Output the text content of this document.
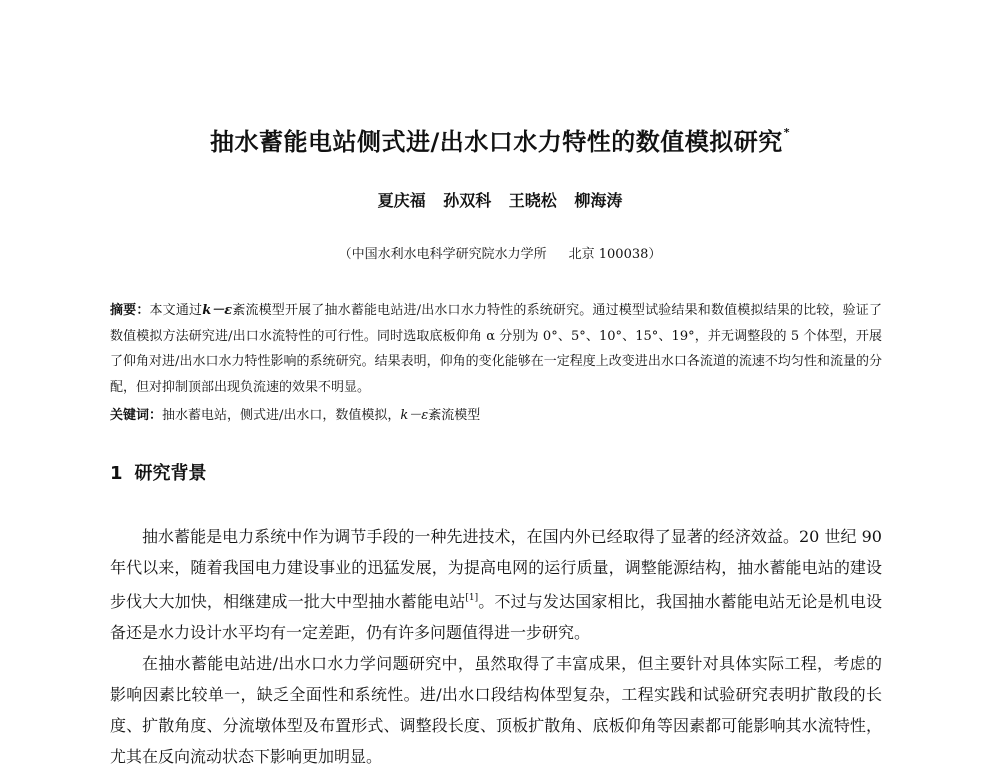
抽水蓄能电站侧式进/出水口水力特性的数值模拟研究*
夏庆福 孙双科 王晓松 柳海涛
（中国水利水电科学研究院水力学所 北京 100038）
摘要：本文通过k－ε紊流模型开展了抽水蓄能电站进/出水口水力特性的系统研究。通过模型试验结果和数值模拟结果的比较，验证了数值模拟方法研究进/出口水流特性的可行性。同时选取底板仰角 α 分别为 0°、5°、10°、15°、19°，并无调整段的 5 个体型，开展了仰角对进/出水口水力特性影响的系统研究。结果表明，仰角的变化能够在一定程度上改变进出水口各流道的流速不均匀性和流量的分配，但对抑制顶部出现负流速的效果不明显。
关键词：抽水蓄电站，侧式进/出水口，数值模拟，k－ε紊流模型
1 研究背景

抽水蓄能是电力系统中作为调节手段的一种先进技术，在国内外已经取得了显著的经济效益。20 世纪 90 年代以来，随着我国电力建设事业的迅猛发展，为提高电网的运行质量，调整能源结构，抽水蓄能电站的建设步伐大大加快，相继建成一批大中型抽水蓄能电站[1]。不过与发达国家相比，我国抽水蓄能电站无论是机电设备还是水力设计水平均有一定差距，仍有许多问题值得进一步研究。

在抽水蓄能电站进/出水口水力学问题研究中，虽然取得了丰富成果，但主要针对具体实际工程，考虑的影响因素比较单一，缺乏全面性和系统性。进/出水口段结构体型复杂，工程实践和试验研究表明扩散段的长度、扩散角度、分流墩体型及布置形式、调整段长度、顶板扩散角、底板仰角等因素都可能影响其水流特性，尤其在反向流动状态下影响更加明显。
